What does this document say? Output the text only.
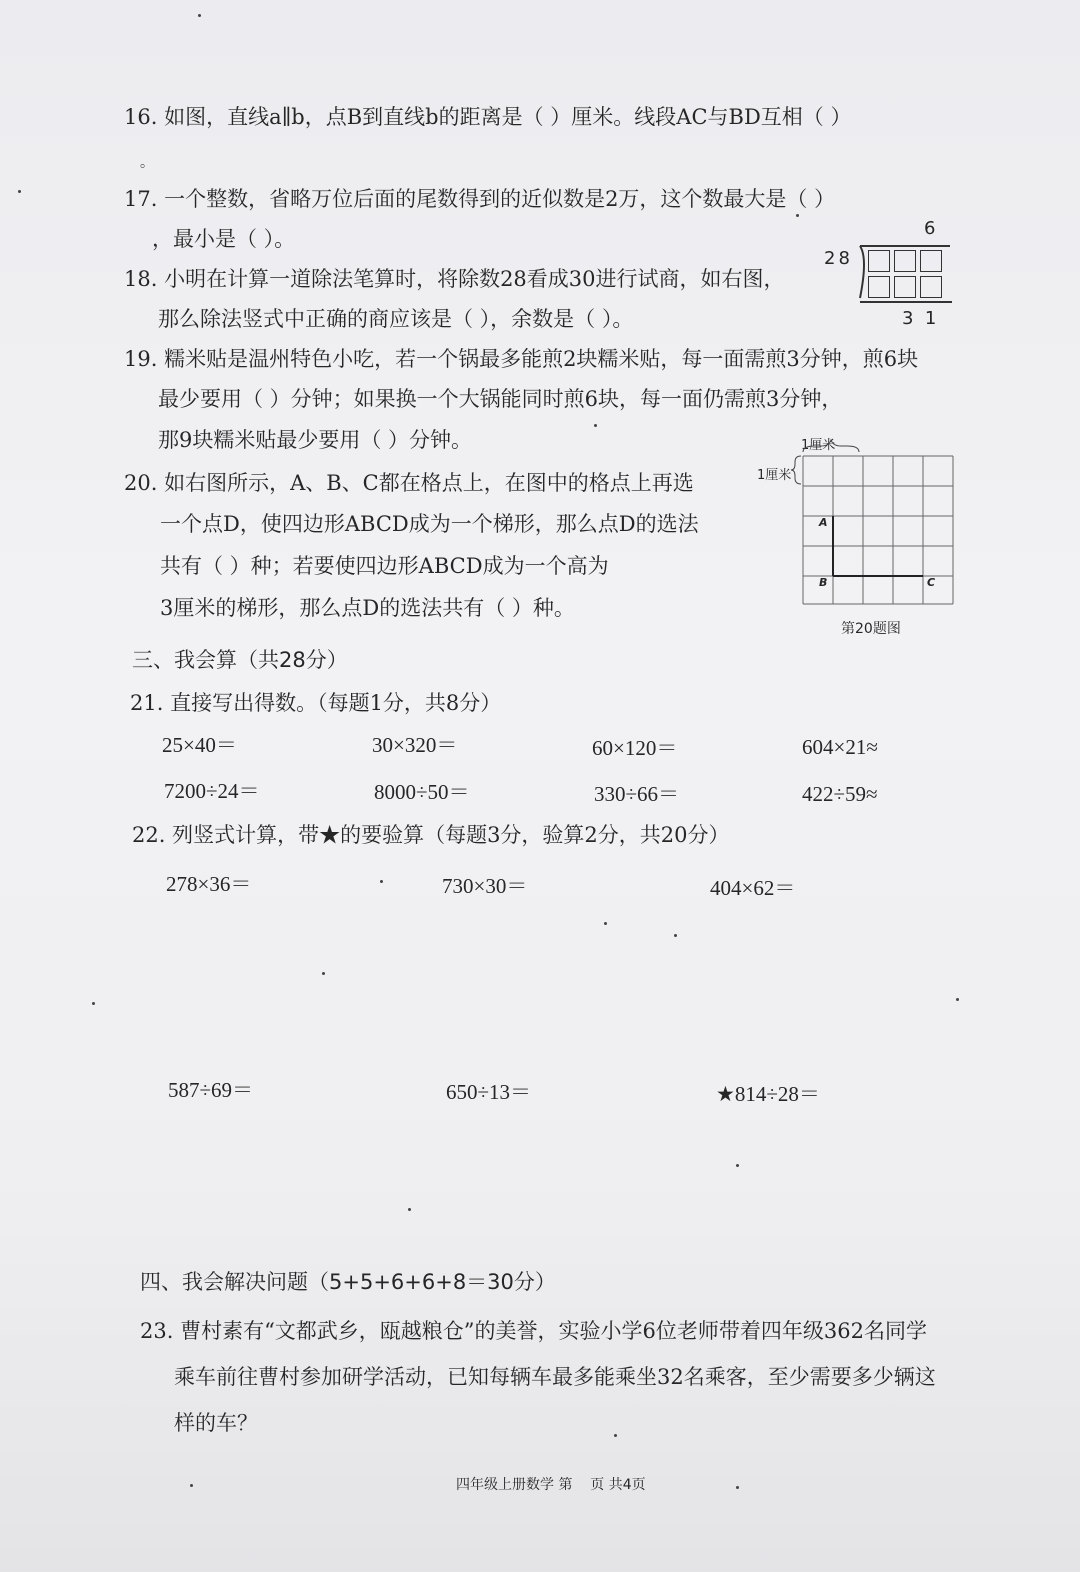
16. 如图，直线a∥b，点B到直线b的距离是（ ）厘米。线段AC与BD互相（ ）
。
17. 一个整数，省略万位后面的尾数得到的近似数是2万，这个数最大是（ ）
，最小是（ ）。
18. 小明在计算一道除法笔算时，将除数28看成30进行试商，如右图，
那么除法竖式中正确的商应该是（ ），余数是（ ）。
6
28
3  1
19. 糯米贴是温州特色小吃，若一个锅最多能煎2块糯米贴，每一面需煎3分钟，煎6块
最少要用（ ）分钟；如果换一个大锅能同时煎6块，每一面仍需煎3分钟，
那9块糯米贴最少要用（ ）分钟。
20. 如右图所示，A、B、C都在格点上，在图中的格点上再选
一个点D，使四边形ABCD成为一个梯形，那么点D的选法
共有（ ）种；若要使四边形ABCD成为一个高为
3厘米的梯形，那么点D的选法共有（ ）种。
1厘米
1厘米
A
B	C
第20题图
三、我会算（共28分）
21. 直接写出得数。（每题1分，共8分）
25×40＝	30×320＝	60×120＝	604×21≈
7200÷24＝	8000÷50＝	330÷66＝	422÷59≈
22. 列竖式计算，带★的要验算（每题3分，验算2分，共20分）
278×36＝	730×30＝	404×62＝
587÷69＝	650÷13＝	★814÷28＝
四、我会解决问题（5+5+6+6+8＝30分）
23. 曹村素有“文都武乡，瓯越粮仓”的美誉，实验小学6位老师带着四年级362名同学
乘车前往曹村参加研学活动，已知每辆车最多能乘坐32名乘客，至少需要多少辆这
样的车？
四年级上册数学 第    页 共4页
